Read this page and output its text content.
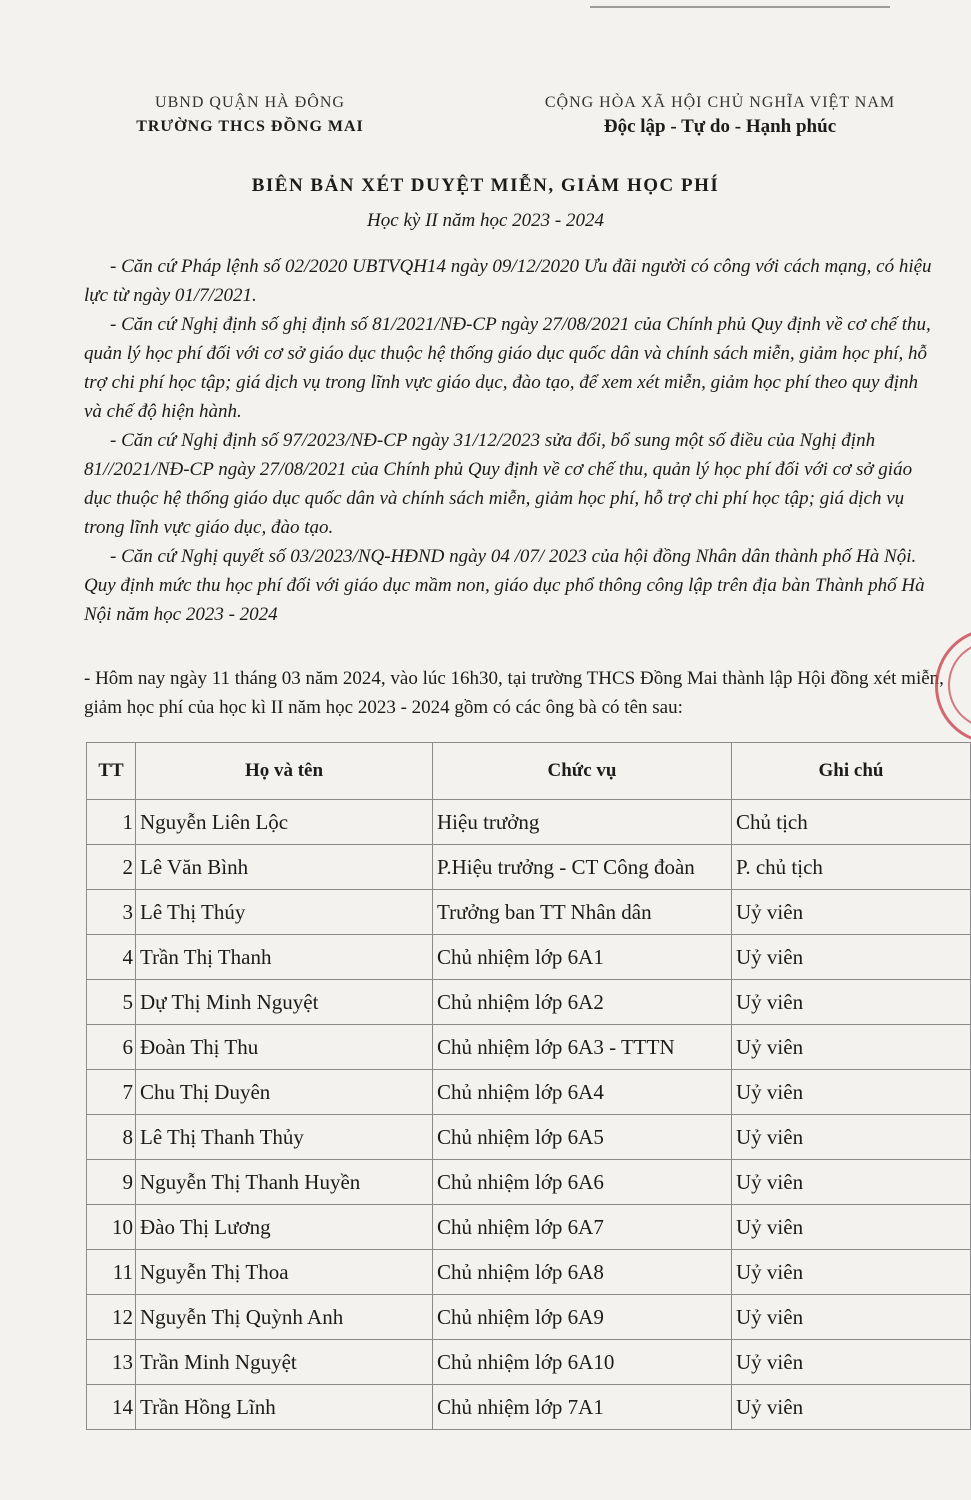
UBND QUẬN HÀ ĐÔNG
TRƯỜNG THCS ĐỒNG MAI
CỘNG HÒA XÃ HỘI CHỦ NGHĨA VIỆT NAM
Độc lập - Tự do - Hạnh phúc
BIÊN BẢN XÉT DUYỆT MIỄN, GIẢM HỌC PHÍ
Học kỳ II năm học 2023 - 2024

- Căn cứ Pháp lệnh số 02/2020 UBTVQH14 ngày 09/12/2020 Ưu đãi người có công với cách mạng, có hiệu lực từ ngày 01/7/2021.

- Căn cứ Nghị định số ghị định số 81/2021/NĐ-CP ngày 27/08/2021 của Chính phủ Quy định về cơ chế thu, quản lý học phí đối với cơ sở giáo dục thuộc hệ thống giáo dục quốc dân và chính sách miễn, giảm học phí, hỗ trợ chi phí học tập; giá dịch vụ trong lĩnh vực giáo dục, đào tạo, để xem xét miễn, giảm học phí theo quy định và chế độ hiện hành.

- Căn cứ Nghị định số 97/2023/NĐ-CP ngày 31/12/2023 sửa đổi, bổ sung một số điều của Nghị định 81//2021/NĐ-CP ngày 27/08/2021 của Chính phủ Quy định về cơ chế thu, quản lý học phí đối với cơ sở giáo dục thuộc hệ thống giáo dục quốc dân và chính sách miễn, giảm học phí, hỗ trợ chi phí học tập; giá dịch vụ trong lĩnh vực giáo dục, đào tạo.

- Căn cứ Nghị quyết số 03/2023/NQ-HĐND ngày 04 /07/ 2023 của hội đồng Nhân dân thành phố Hà Nội. Quy định mức thu học phí đối với giáo dục mầm non, giáo dục phổ thông công lập trên địa bàn Thành phố Hà Nội năm học 2023 - 2024

- Hôm nay ngày 11 tháng 03 năm 2024, vào lúc 16h30, tại trường THCS Đồng Mai thành lập Hội đồng xét miễn, giảm học phí của học kì II năm học 2023 - 2024 gồm có các ông bà có tên sau:

TT	Họ và tên	Chức vụ	Ghi chú
1	Nguyễn Liên Lộc	Hiệu trưởng	Chủ tịch
2	Lê Văn Bình	P.Hiệu trưởng - CT Công đoàn	P. chủ tịch
3	Lê Thị Thúy	Trưởng ban TT Nhân dân	Uỷ viên
4	Trần Thị Thanh	Chủ nhiệm lớp 6A1	Uỷ viên
5	Dự Thị Minh Nguyệt	Chủ nhiệm lớp 6A2	Uỷ viên
6	Đoàn Thị Thu	Chủ nhiệm lớp 6A3 - TTTN	Uỷ viên
7	Chu Thị Duyên	Chủ nhiệm lớp 6A4	Uỷ viên
8	Lê Thị Thanh Thủy	Chủ nhiệm lớp 6A5	Uỷ viên
9	Nguyễn Thị Thanh Huyền	Chủ nhiệm lớp 6A6	Uỷ viên
10	Đào Thị Lương	Chủ nhiệm lớp 6A7	Uỷ viên
11	Nguyễn Thị Thoa	Chủ nhiệm lớp 6A8	Uỷ viên
12	Nguyễn Thị Quỳnh Anh	Chủ nhiệm lớp 6A9	Uỷ viên
13	Trần Minh Nguyệt	Chủ nhiệm lớp 6A10	Uỷ viên
14	Trần Hồng Lĩnh	Chủ nhiệm lớp 7A1	Uỷ viên
